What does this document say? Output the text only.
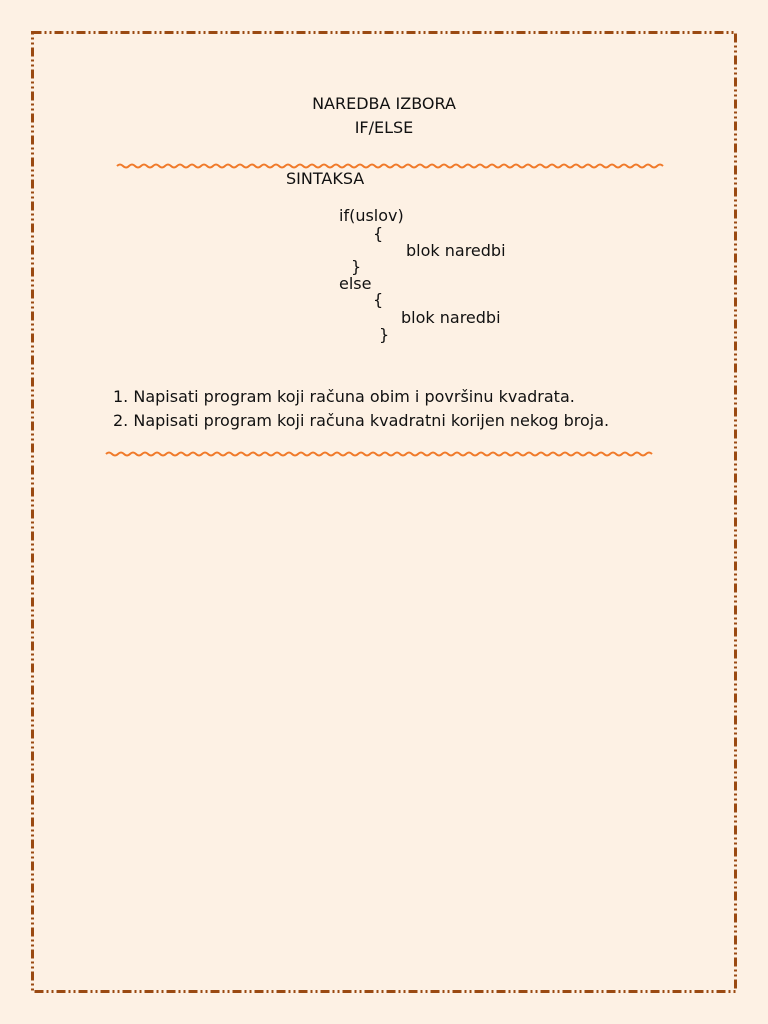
NAREDBA IZBORA
IF/ELSE
SINTAKSA
if(uslov)
{
blok naredbi
}
else
{
blok naredbi
}
1. Napisati program koji računa obim i površinu kvadrata.
2. Napisati program koji računa kvadratni korijen nekog broja.
